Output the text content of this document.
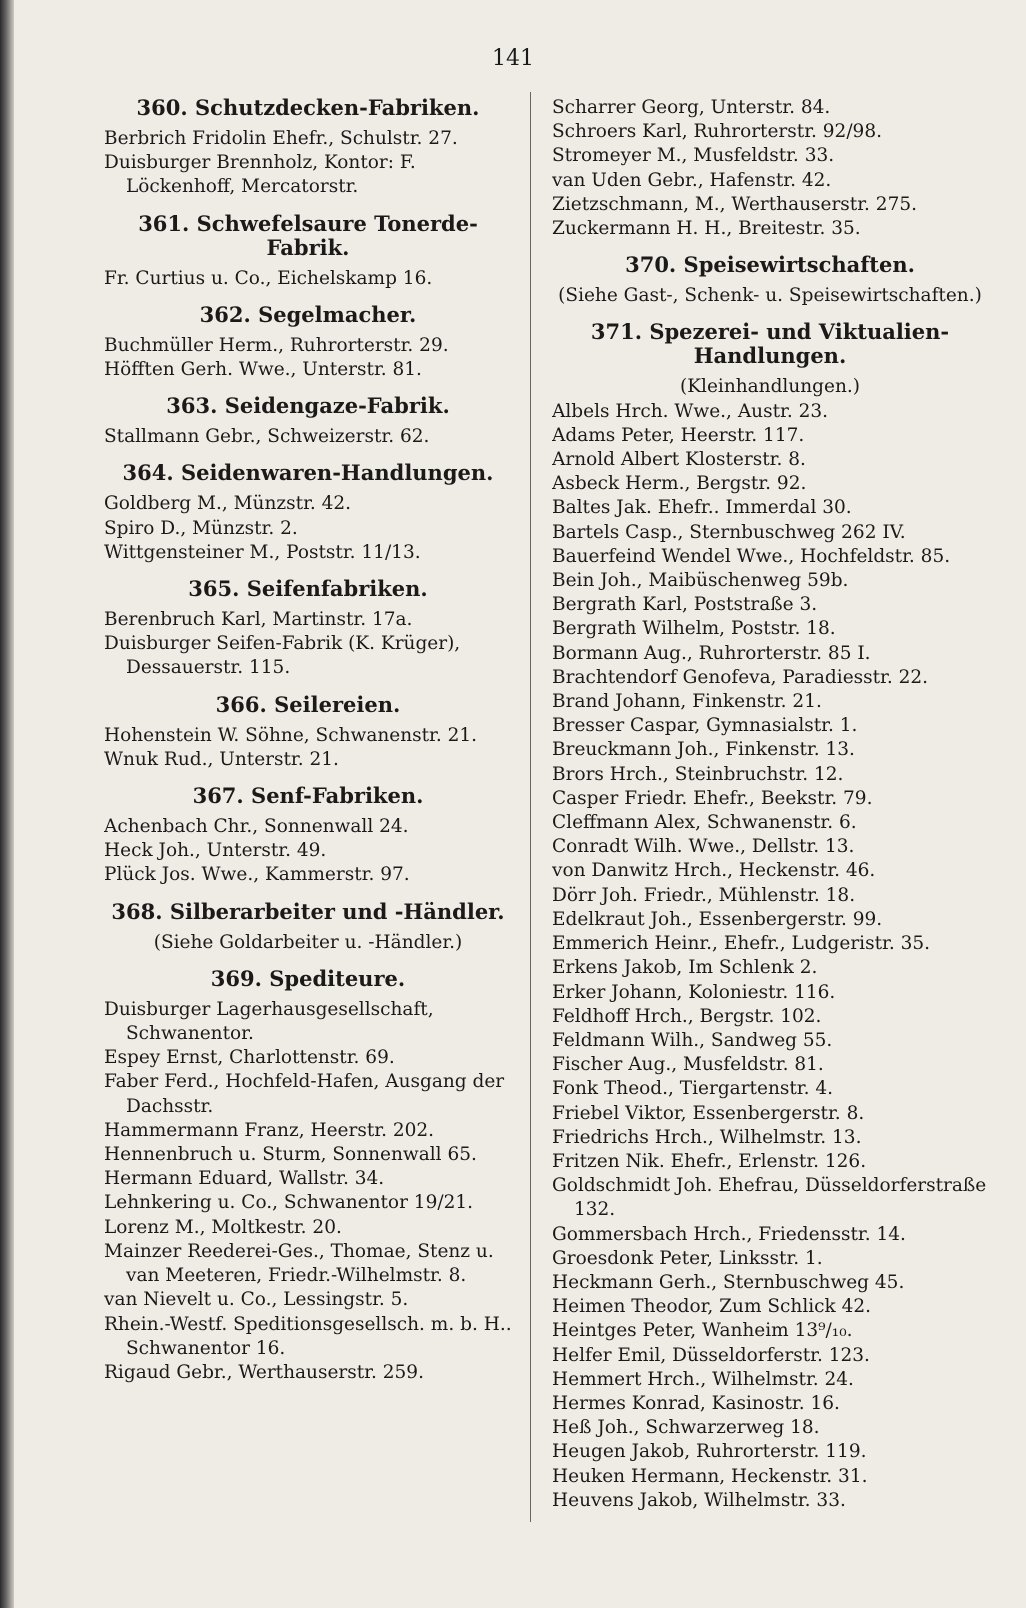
141
360. Schutzdecken-Fabriken.
Berbrich Fridolin Ehefr., Schulstr. 27.
Duisburger Brennholz, Kontor: F. Löckenhoff, Mercatorstr.
361. Schwefelsaure Tonerde-Fabrik.
Fr. Curtius u. Co., Eichelskamp 16.
362. Segelmacher.
Buchmüller Herm., Ruhrorterstr. 29.
Höfften Gerh. Wwe., Unterstr. 81.
363. Seidengaze-Fabrik.
Stallmann Gebr., Schweizerstr. 62.
364. Seidenwaren-Handlungen.
Goldberg M., Münzstr. 42.
Spiro D., Münzstr. 2.
Wittgensteiner M., Poststr. 11/13.
365. Seifenfabriken.
Berenbruch Karl, Martinstr. 17a.
Duisburger Seifen-Fabrik (K. Krüger), Dessauerstr. 115.
366. Seilereien.
Hohenstein W. Söhne, Schwanenstr. 21.
Wnuk Rud., Unterstr. 21.
367. Senf-Fabriken.
Achenbach Chr., Sonnenwall 24.
Heck Joh., Unterstr. 49.
Plück Jos. Wwe., Kammerstr. 97.
368. Silberarbeiter und -Händler.
(Siehe Goldarbeiter u. -Händler.)
369. Spediteure.
Duisburger Lagerhausgesellschaft, Schwanentor.
Espey Ernst, Charlottenstr. 69.
Faber Ferd., Hochfeld-Hafen, Ausgang der Dachsstr.
Hammermann Franz, Heerstr. 202.
Hennenbruch u. Sturm, Sonnenwall 65.
Hermann Eduard, Wallstr. 34.
Lehnkering u. Co., Schwanentor 19/21.
Lorenz M., Moltkestr. 20.
Mainzer Reederei-Ges., Thomae, Stenz u. van Meeteren, Friedr.-Wilhelmstr. 8.
van Nievelt u. Co., Lessingstr. 5.
Rhein.-Westf. Speditionsgesellsch. m. b. H.. Schwanentor 16.
Rigaud Gebr., Werthauserstr. 259.
Scharrer Georg, Unterstr. 84.
Schroers Karl, Ruhrorterstr. 92/98.
Stromeyer M., Musfeldstr. 33.
van Uden Gebr., Hafenstr. 42.
Zietzschmann, M., Werthauserstr. 275.
Zuckermann H. H., Breitestr. 35.
370. Speisewirtschaften.
(Siehe Gast-, Schenk- u. Speisewirtschaften.)
371. Spezerei- und Viktualien-Handlungen.
(Kleinhandlungen.)
Albels Hrch. Wwe., Austr. 23.
Adams Peter, Heerstr. 117.
Arnold Albert Klosterstr. 8.
Asbeck Herm., Bergstr. 92.
Baltes Jak. Ehefr.. Immerdal 30.
Bartels Casp., Sternbuschweg 262 IV.
Bauerfeind Wendel Wwe., Hochfeldstr. 85.
Bein Joh., Maibüschenweg 59b.
Bergrath Karl, Poststraße 3.
Bergrath Wilhelm, Poststr. 18.
Bormann Aug., Ruhrorterstr. 85 I.
Brachtendorf Genofeva, Paradiesstr. 22.
Brand Johann, Finkenstr. 21.
Bresser Caspar, Gymnasialstr. 1.
Breuckmann Joh., Finkenstr. 13.
Brors Hrch., Steinbruchstr. 12.
Casper Friedr. Ehefr., Beekstr. 79.
Cleffmann Alex, Schwanenstr. 6.
Conradt Wilh. Wwe., Dellstr. 13.
von Danwitz Hrch., Heckenstr. 46.
Dörr Joh. Friedr., Mühlenstr. 18.
Edelkraut Joh., Essenbergerstr. 99.
Emmerich Heinr., Ehefr., Ludgeristr. 35.
Erkens Jakob, Im Schlenk 2.
Erker Johann, Koloniestr. 116.
Feldhoff Hrch., Bergstr. 102.
Feldmann Wilh., Sandweg 55.
Fischer Aug., Musfeldstr. 81.
Fonk Theod., Tiergartenstr. 4.
Friebel Viktor, Essenbergerstr. 8.
Friedrichs Hrch., Wilhelmstr. 13.
Fritzen Nik. Ehefr., Erlenstr. 126.
Goldschmidt Joh. Ehefrau, Düsseldorferstraße 132.
Gommersbach Hrch., Friedensstr. 14.
Groesdonk Peter, Linksstr. 1.
Heckmann Gerh., Sternbuschweg 45.
Heimen Theodor, Zum Schlick 42.
Heintges Peter, Wanheim 13⁹/₁₀.
Helfer Emil, Düsseldorferstr. 123.
Hemmert Hrch., Wilhelmstr. 24.
Hermes Konrad, Kasinostr. 16.
Heß Joh., Schwarzerweg 18.
Heugen Jakob, Ruhrorterstr. 119.
Heuken Hermann, Heckenstr. 31.
Heuvens Jakob, Wilhelmstr. 33.
